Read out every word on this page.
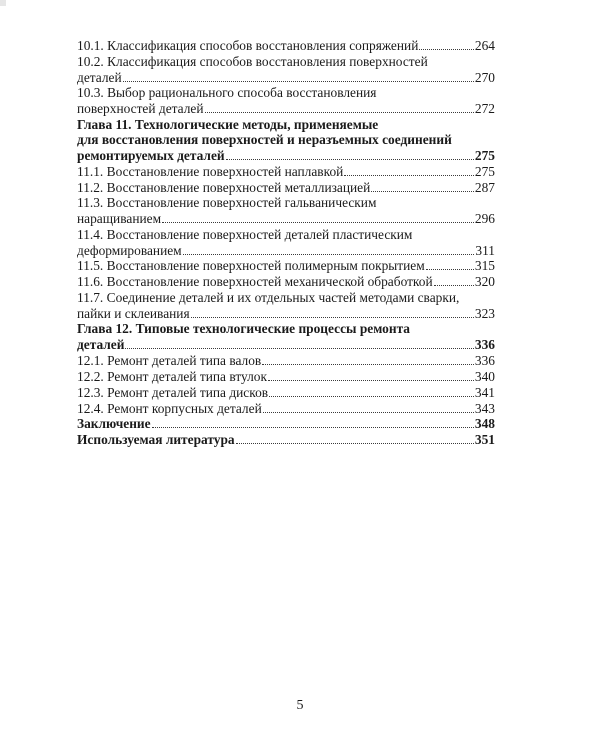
10.1. Классификация способов восстановления сопряжений	264
10.2. Классификация способов восстановления поверхностей
деталей	270
10.3. Выбор рационального способа восстановления
поверхностей деталей	272
Глава 11. Технологические методы, применяемые
для восстановления поверхностей и неразъемных соединений
ремонтируемых деталей	275
11.1. Восстановление поверхностей наплавкой	275
11.2. Восстановление поверхностей металлизацией	287
11.3. Восстановление поверхностей гальваническим
наращиванием	296
11.4. Восстановление поверхностей деталей пластическим
деформированием	311
11.5. Восстановление поверхностей полимерным покрытием	315
11.6. Восстановление поверхностей механической обработкой	320
11.7. Соединение деталей и их отдельных частей методами сварки,
пайки и склеивания	323
Глава 12. Типовые технологические процессы ремонта
деталей	336
12.1. Ремонт деталей типа валов	336
12.2. Ремонт деталей типа втулок	340
12.3. Ремонт деталей типа дисков	341
12.4. Ремонт корпусных деталей	343
Заключение	348
Используемая литература	351
5
